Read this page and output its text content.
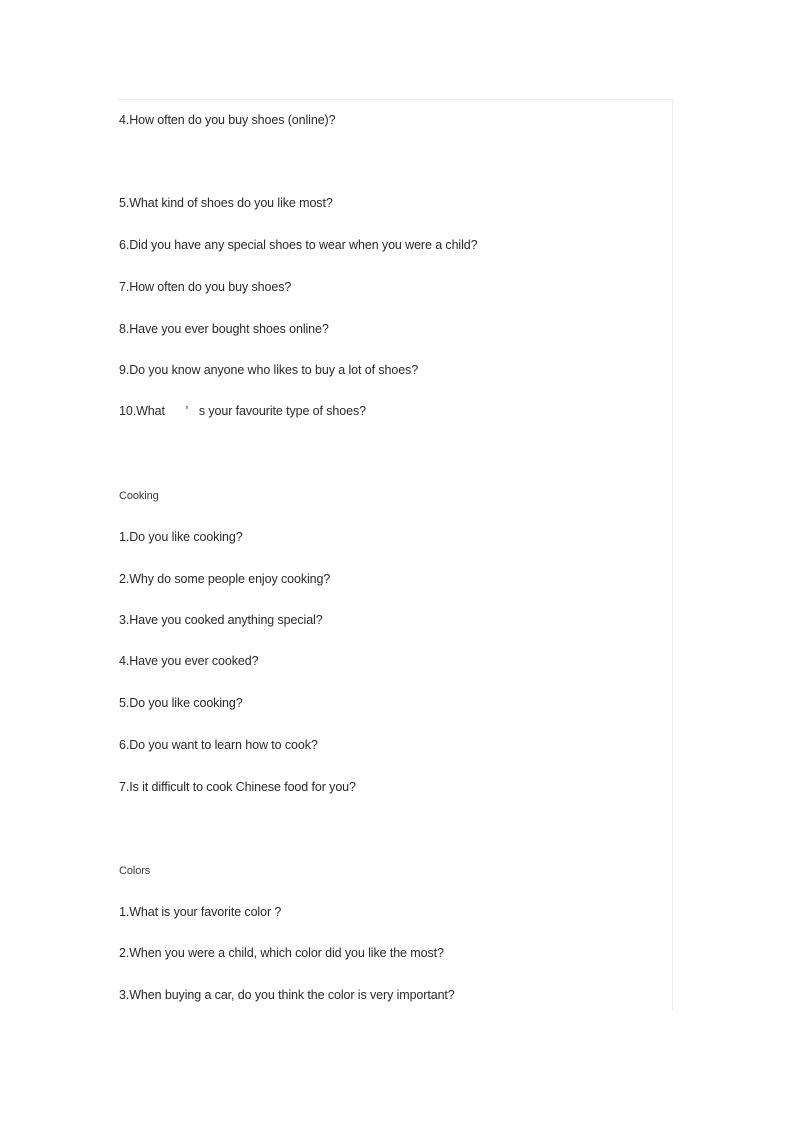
4.How often do you buy shoes (online)?
5.What kind of shoes do you like most?
6.Did you have any special shoes to wear when you were a child?
7.How often do you buy shoes?
8.Have you ever bought shoes online?
9.Do you know anyone who likes to buy a lot of shoes?
10.What ’ s your favourite type of shoes?
Cooking
1.Do you like cooking?
2.Why do some people enjoy cooking?
3.Have you cooked anything special?
4.Have you ever cooked?
5.Do you like cooking?
6.Do you want to learn how to cook?
7.Is it difficult to cook Chinese food for you?
Colors
1.What is your favorite color ?
2.When you were a child, which color did you like the most?
3.When buying a car, do you think the color is very important?
